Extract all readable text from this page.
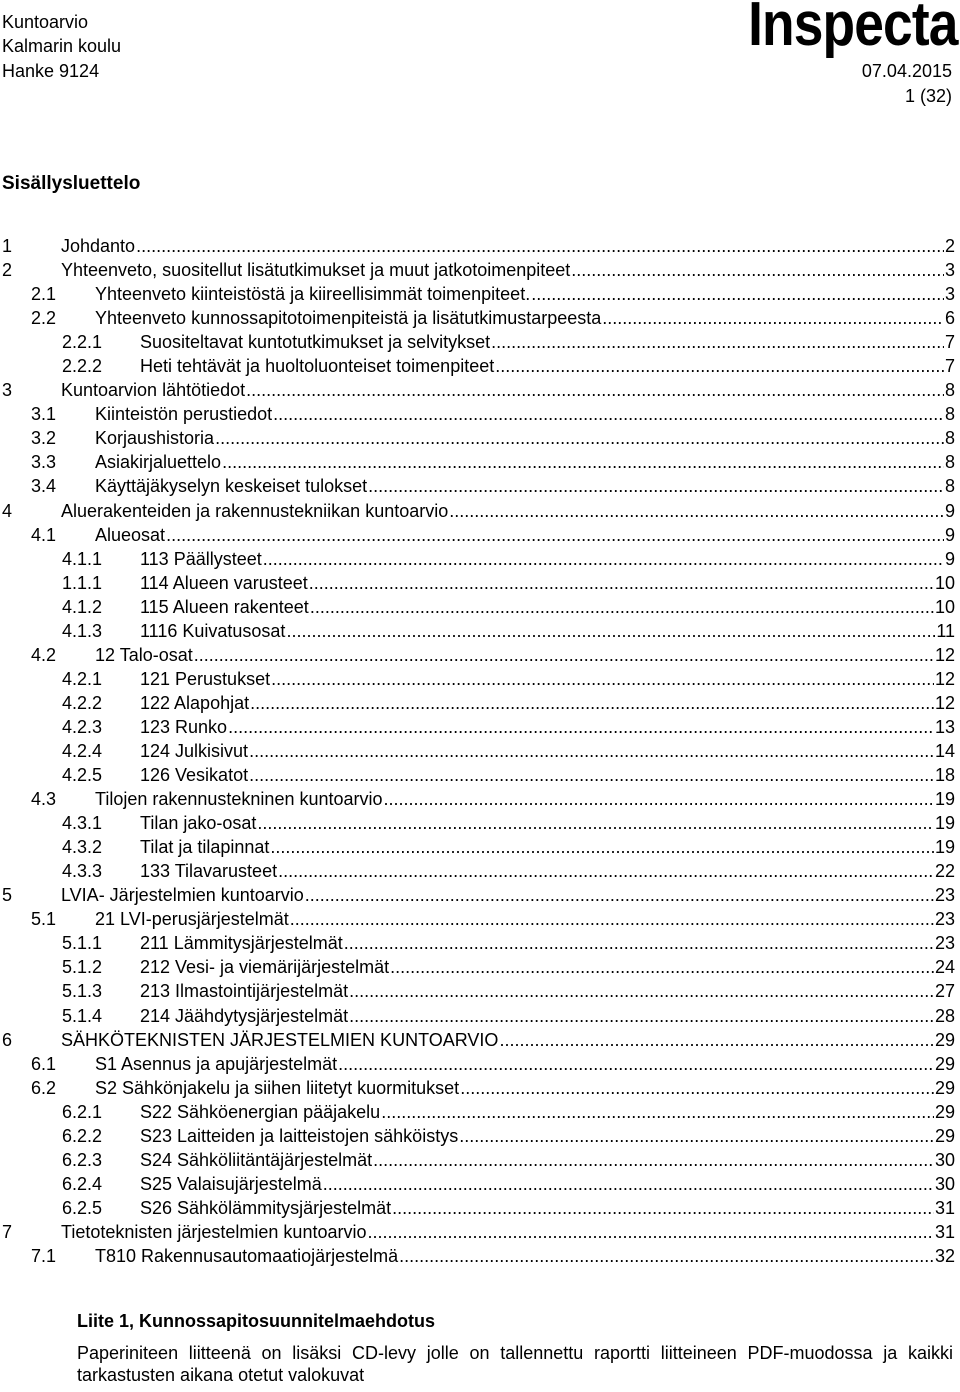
Kuntoarvio
Kalmarin koulu
Hanke 9124	07.04.2015
1 (32)
Inspecta
Sisällysluettelo
1	Johdanto .....	2
2	Yhteenveto, suositellut lisätutkimukset ja muut jatkotoimenpiteet .....	3
2.1 Yhteenveto kiinteistöstä ja kiireellisimmät toimenpiteet. .....	3
2.2 Yhteenveto kunnossapitotoimenpiteistä ja lisätutkimustarpeesta .....	6
2.2.1 Suositeltavat kuntotutkimukset ja selvitykset .....	7
2.2.2 Heti tehtävät ja huoltoluonteiset toimenpiteet .....	7
3	Kuntoarvion lähtötiedot .....	8
3.1 Kiinteistön perustiedot .....	8
3.2 Korjaushistoria .....	8
3.3 Asiakirjaluettelo .....	8
3.4 Käyttäjäkyselyn keskeiset tulokset .....	8
4	Aluerakenteiden ja rakennustekniikan kuntoarvio .....	9
4.1 Alueosat .....	9
4.1.1 113 Päällysteet .....	9
1.1.1 114 Alueen varusteet .....	10
4.1.2 115 Alueen rakenteet .....	10
4.1.3 1116 Kuivatusosat .....	11
4.2 12 Talo-osat .....	12
4.2.1 121 Perustukset .....	12
4.2.2 122 Alapohjat .....	12
4.2.3 123 Runko .....	13
4.2.4 124 Julkisivut .....	14
4.2.5 126 Vesikatot .....	18
4.3 Tilojen rakennustekninen kuntoarvio .....	19
4.3.1 Tilan jako-osat .....	19
4.3.2 Tilat ja tilapinnat .....	19
4.3.3 133 Tilavarusteet .....	22
5	LVIA- Järjestelmien kuntoarvio .....	23
5.1 21 LVI-perusjärjestelmät .....	23
5.1.1 211 Lämmitysjärjestelmät .....	23
5.1.2 212 Vesi- ja viemärijärjestelmät .....	24
5.1.3 213 Ilmastointijärjestelmät .....	27
5.1.4 214 Jäähdytysjärjestelmät .....	28
6	SÄHKÖTEKNISTEN JÄRJESTELMIEN KUNTOARVIO .....	29
6.1 S1 Asennus ja apujärjestelmät .....	29
6.2 S2 Sähkönjakelu ja siihen liitetyt kuormitukset .....	29
6.2.1 S22 Sähköenergian pääjakelu .....	29
6.2.2 S23 Laitteiden ja laitteistojen sähköistys .....	29
6.2.3 S24 Sähköliitäntäjärjestelmät .....	30
6.2.4 S25 Valaisujärjestelmä .....	30
6.2.5 S26 Sähkölämmitysjärjestelmät .....	31
7	Tietoteknisten järjestelmien kuntoarvio .....	31
7.1 T810 Rakennusautomaatiojärjestelmä .....	32
Liite 1, Kunnossapitosuunnitelmaehdotus
Paperiniteen liitteenä on lisäksi CD-levy jolle on tallennettu raportti liitteineen PDF-muodossa ja kaikki tarkastusten aikana otetut valokuvat
